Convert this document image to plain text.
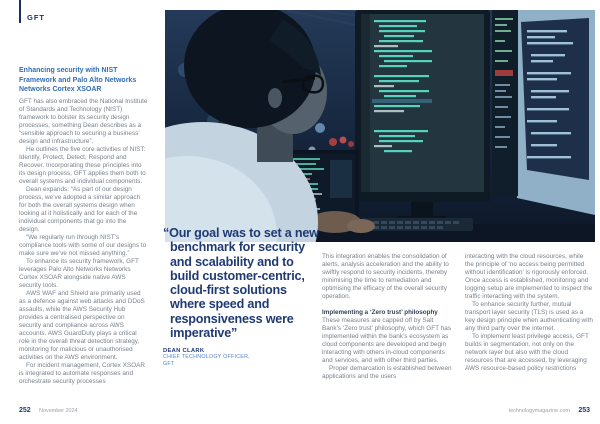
GFT
Enhancing security with NIST Framework and Palo Alto Networks Networks Cortex XSOAR

GFT has also embraced the National Institute of Standards and Technology (NIST) framework to bolster its security design processes, something Dean describes as a “sensible approach to securing a business’ design and infrastructure”.

He outlines the five core activities of NIST: Identify, Protect, Detect, Respond and Recover. Incorporating these principles into its design process, GFT applies them both to overall systems and individual components.

Dean expands: “As part of our design process, we’ve adopted a similar approach for both the overall systems design when looking at it holistically and for each of the individual components that go into the design.

“We regularly run through NIST’s compliance tools with some of our designs to make sure we’ve not missed anything.”

To enhance its security framework, GFT leverages Palo Alto Networks Networks Cortex XSOAR alongside native AWS security tools.

AWS WAF and Shield are primarily used as a defence against web attacks and DDoS assaults, while the AWS Security Hub provides a centralised perspective on security and compliance across AWS accounts. AWS GuardDuty plays a critical role in the overall threat detection strategy, monitoring for malicious or unauthorised activities on the AWS environment.

For incident management, Cortex XSOAR is integrated to automate responses and orchestrate security processes

“Our goal was to set a new benchmark for security and scalability and to build customer-centric, cloud-first solutions where speed and responsiveness were imperative”
DEAN CLARK
CHIEF TECHNOLOGY OFFICER,
GFT

This integration enables the consolidation of alerts, analysis acceleration and the ability to swiftly respond to security incidents, thereby minimising the time to remediation and optimising the efficacy of the overall security operation.

Implementing a ‘Zero trust’ philosophy

These measures are capped off by Salt Bank’s ‘Zero trust’ philosophy, which GFT has implemented within the bank’s ecosystem as cloud components are developed and begin interacting with others in-cloud components and services, and with other third parties.

Proper demarcation is established between applications and the users

interacting with the cloud resources, while the principle of ‘no access being permitted without identification’ is rigorously enforced. Once access is established, monitoring and logging setup are implemented to inspect the traffic interacting with the system.

To enhance security further, mutual transport layer security (TLS) is used as a key design principle when authenticating with any third party over the internet.

To implement least privilege access, GFT builds in segmentation, not only on the network layer but also with the cloud resources that are accessed, by leveraging AWS resource-based policy restrictions

252 November 2024	technologymagazine.com 253
